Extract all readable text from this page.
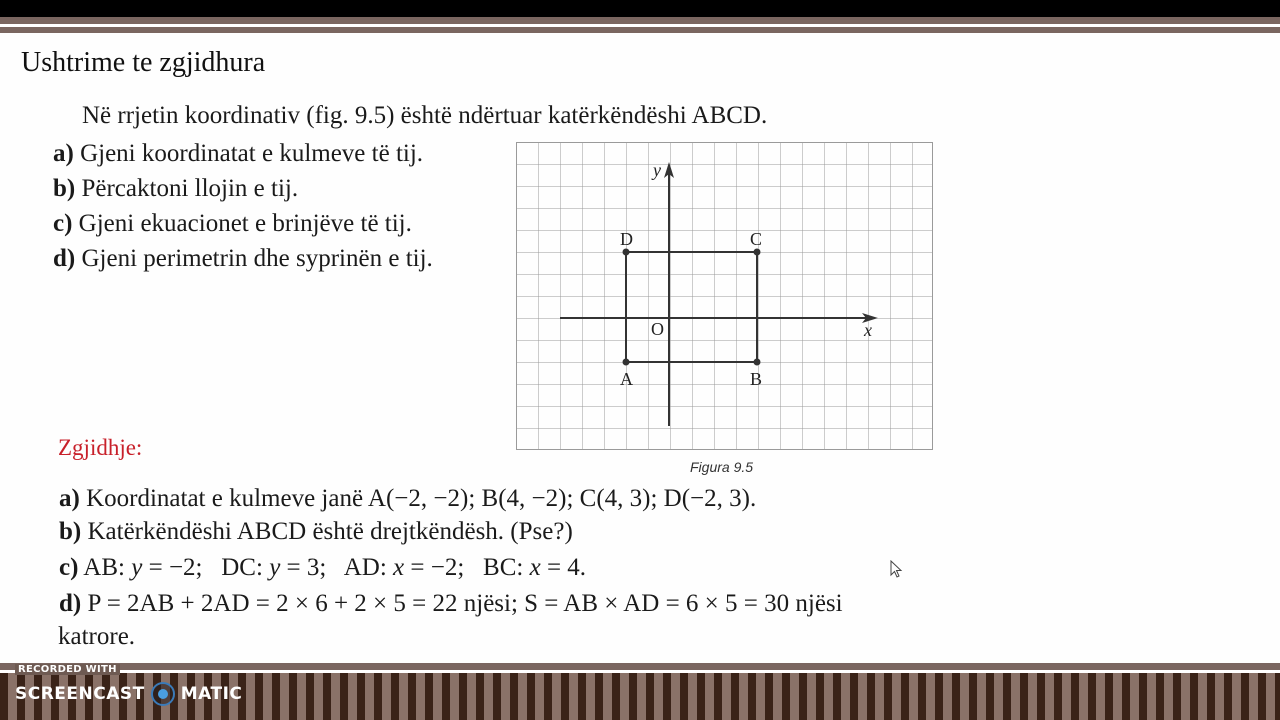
Ushtrime te zgjidhura
Në rrjetin koordinativ (fig. 9.5) është ndërtuar katërkëndëshi ABCD.
a) Gjeni koordinatat e kulmeve të tij.
b) Përcaktoni llojin e tij.
c) Gjeni ekuacionet e brinjëve të tij.
d) Gjeni perimetrin dhe syprinën e tij.
A	B
C
D
O	x
y
Figura 9.5
Zgjidhje:
a) Koordinatat e kulmeve janë A(−2, −2); B(4, −2); C(4, 3); D(−2, 3).
b) Katërkëndëshi ABCD është drejtkëndësh. (Pse?)
c) AB: y = −2; DC: y = 3; AD: x = −2; BC: x = 4.
d) P = 2AB + 2AD = 2 × 6 + 2 × 5 = 22 njësi; S = AB × AD = 6 × 5 = 30 njësi
katrore.
RECORDED WITH
SCREENCAST MATIC
